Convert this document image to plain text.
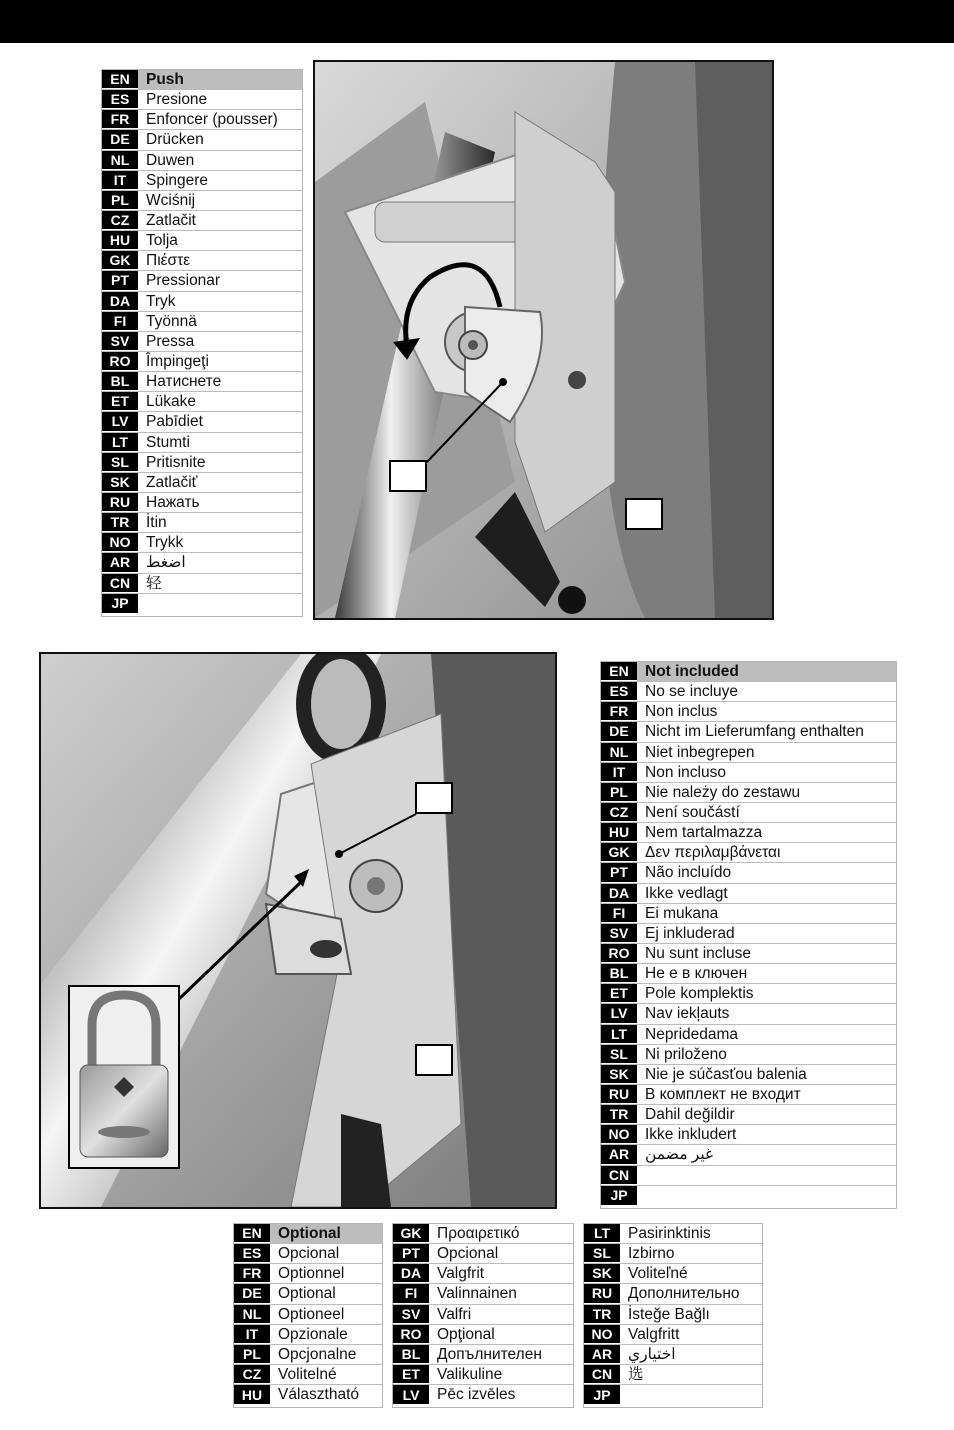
EN	Push
ES	Presione
FR	Enfoncer (pousser)
DE	Drücken
NL	Duwen
IT	Spingere
PL	Wciśnij
CZ	Zatlačit
HU	Tolja
GK	Πιέστε
PT	Pressionar
DA	Tryk
FI	Työnnä
SV	Pressa
RO	Împingeţi
BL	Натиснете
ET	Lükake
LV	Pabīdiet
LT	Stumti
SL	Pritisnite
SK	Zatlačiť
RU	Нажать
TR	İtin
NO	Trykk
AR	اضغط
CN	轻
JP
EN	Not included
ES	No se incluye
FR	Non inclus
DE	Nicht im Lieferumfang enthalten
NL	Niet inbegrepen
IT	Non incluso
PL	Nie należy do zestawu
CZ	Není součástí
HU	Nem tartalmazza
GK	Δεν περιλαμβάνεται
PT	Não incluído
DA	Ikke vedlagt
FI	Ei mukana
SV	Ej inkluderad
RO	Nu sunt incluse
BL	Не е в ключен
ET	Pole komplektis
LV	Nav iekļauts
LT	Nepridedama
SL	Ni priloženo
SK	Nie je súčasťou balenia
RU	В комплект не входит
TR	Dahil değildir
NO	Ikke inkludert
AR	غير مضمن
CN
JP
EN	Optional
ES	Opcional
FR	Optionnel
DE	Optional
NL	Optioneel
IT	Opzionale
PL	Opcjonalne
CZ	Volitelné
HU	Választható
GK	Προαιρετικό
PT	Opcional
DA	Valgfrit
FI	Valinnainen
SV	Valfri
RO	Opţional
BL	Допълнителен
ET	Valikuline
LV	Pēc izvēles
LT	Pasirinktinis
SL	Izbirno
SK	Voliteľné
RU	Дополнительно
TR	İsteğe Bağlı
NO	Valgfritt
AR	اختياري
CN	选
JP
